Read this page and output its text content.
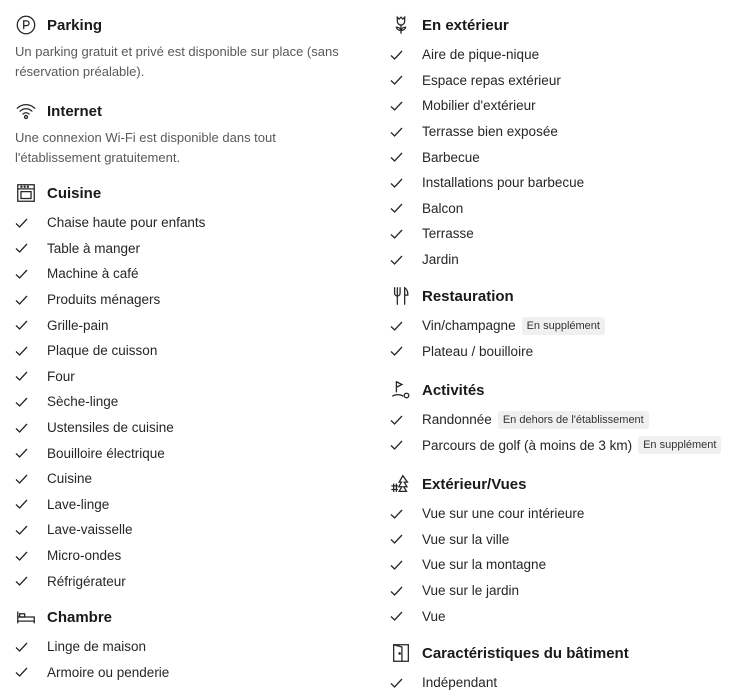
Parking
Un parking gratuit et privé est disponible sur place (sans réservation préalable).
Internet
Une connexion Wi-Fi est disponible dans tout l'établissement gratuitement.
Cuisine
Chaise haute pour enfants
Table à manger
Machine à café
Produits ménagers
Grille-pain
Plaque de cuisson
Four
Sèche-linge
Ustensiles de cuisine
Bouilloire électrique
Cuisine
Lave-linge
Lave-vaisselle
Micro-ondes
Réfrigérateur
Chambre
Linge de maison
Armoire ou penderie
En extérieur
Aire de pique-nique
Espace repas extérieur
Mobilier d'extérieur
Terrasse bien exposée
Barbecue
Installations pour barbecue
Balcon
Terrasse
Jardin
Restauration
Vin/champagne	En supplément
Plateau / bouilloire
Activités
Randonnée	En dehors de l'établissement
Parcours de golf (à moins de 3 km)	En supplément
Extérieur/Vues
Vue sur une cour intérieure
Vue sur la ville
Vue sur la montagne
Vue sur le jardin
Vue
Caractéristiques du bâtiment
Indépendant
